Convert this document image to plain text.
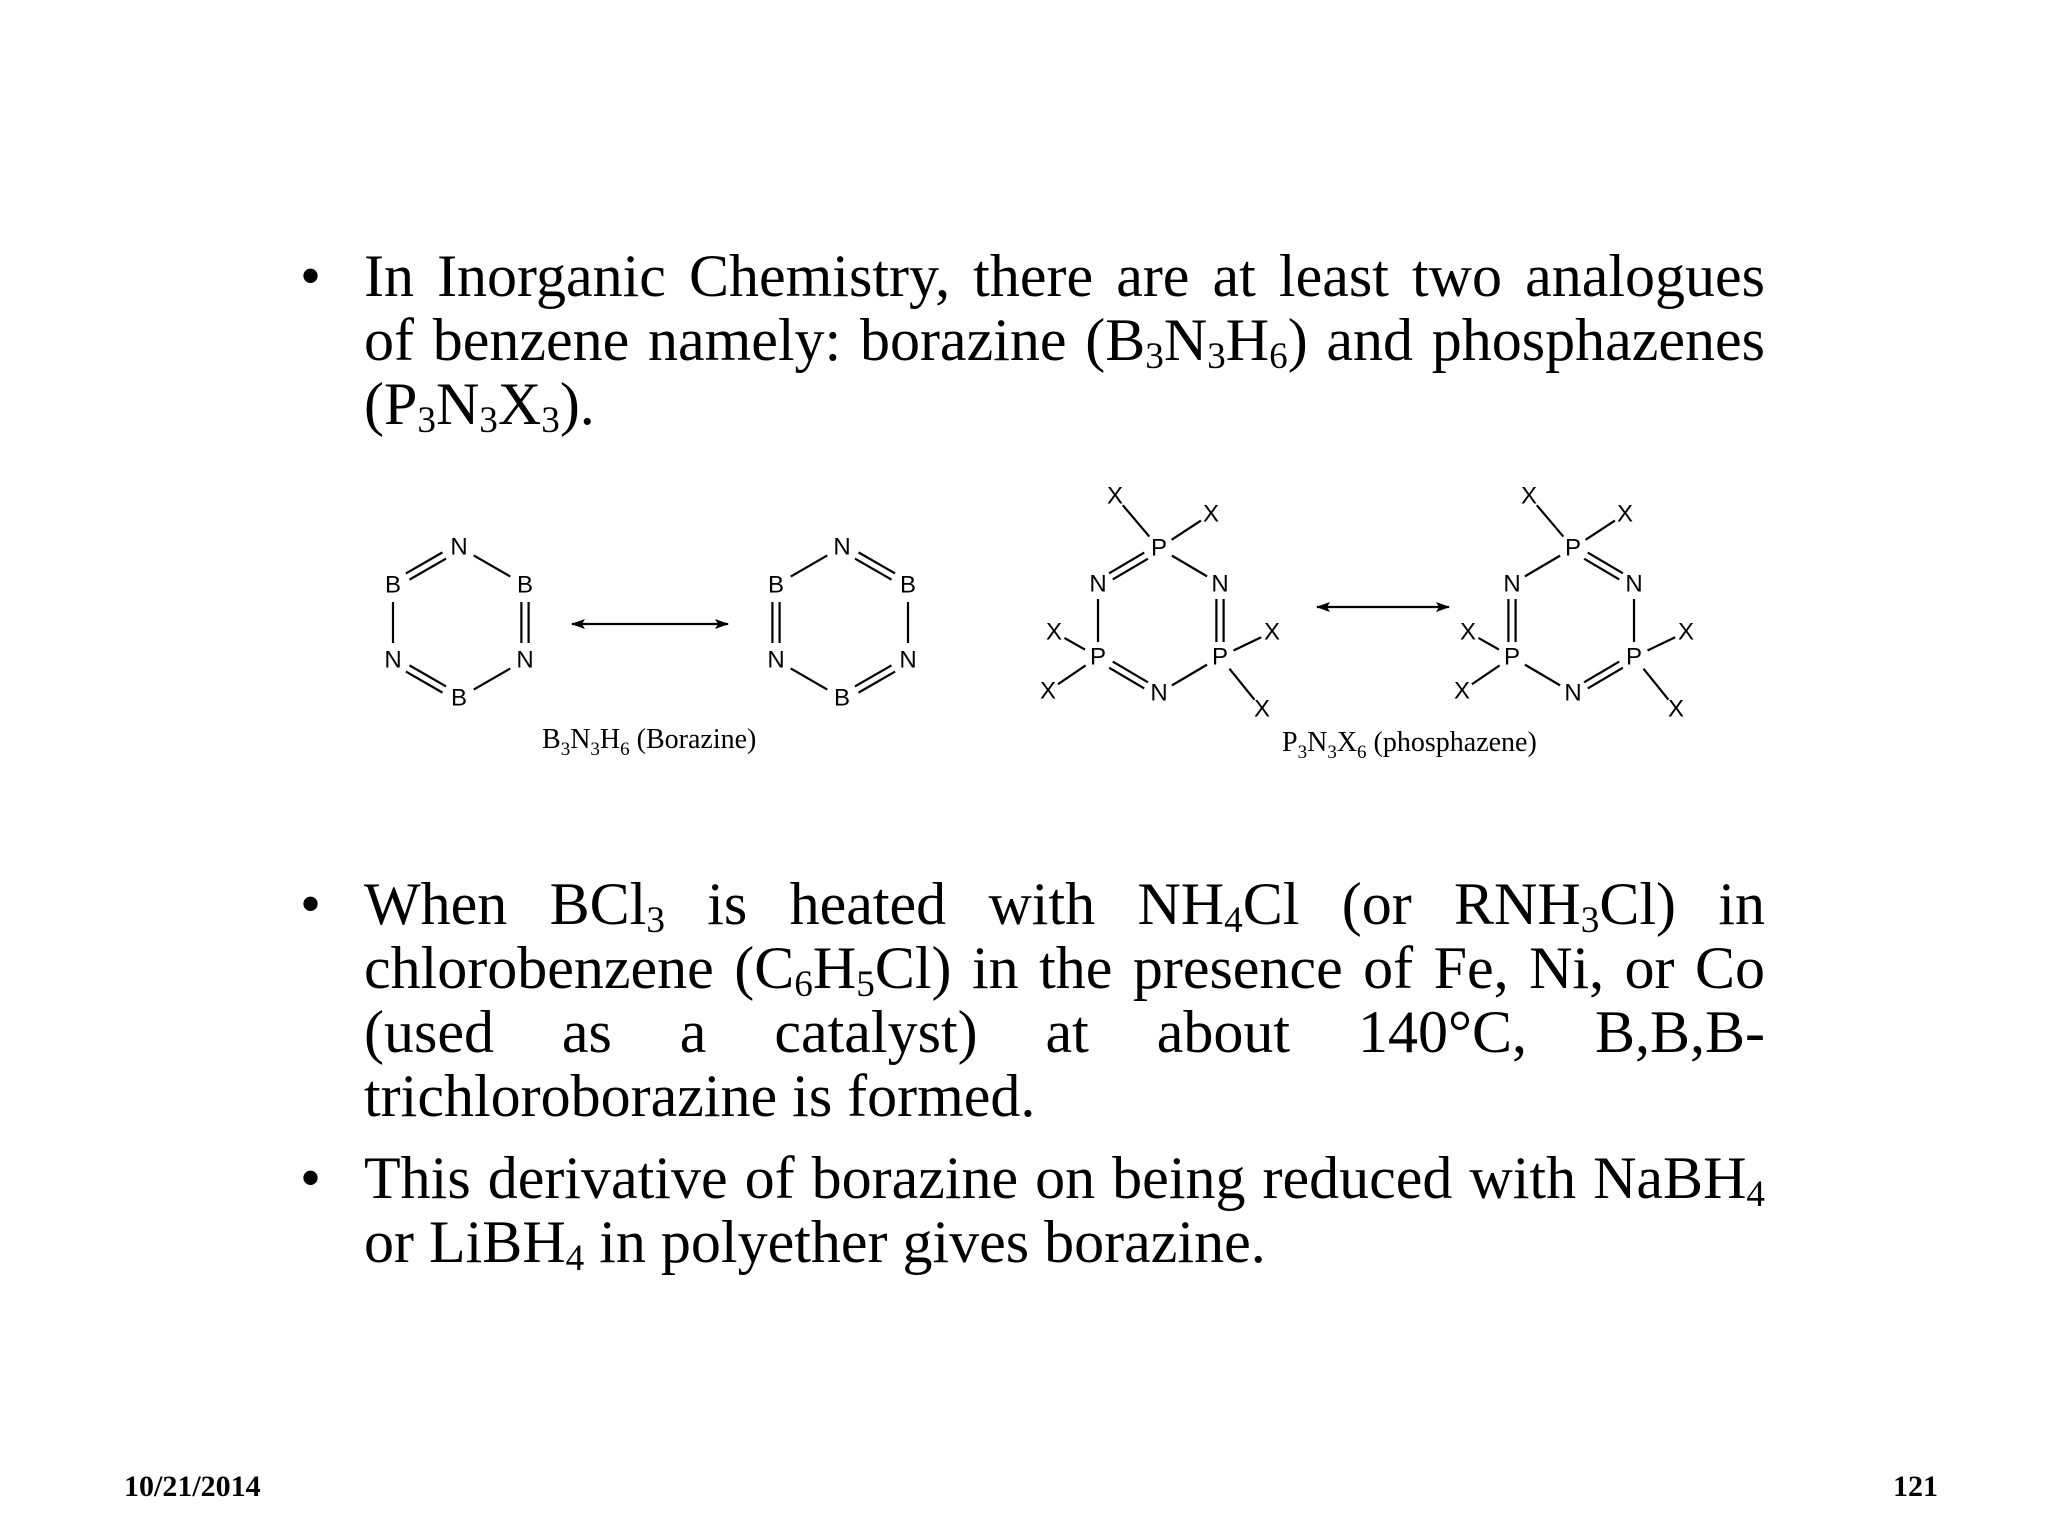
• In Inorganic Chemistry, there are at least two analogues of benzene namely: borazine $(B_3N_3H_6)$ and phosphazenes $(P_3N_3X_3)$.
N	N
B	B
N	N
B	B
N	N
B	B
P
N
P
N
P
N
X
X
X
X
X
X
P
N
P
N
P
N
X
X
X
X
X
X
$B_3N_3H_6$ (Borazine)	$P_3N_3X_6$ (phosphazene)
• When BCl$_3$ is heated with $NH_4Cl$ (or $RNH_3Cl$) in chlorobenzene $(C_6H_5Cl)$ in the presence of Fe, Ni, or Co (used as a catalyst) at about 140°C, B,B,B-trichloroborazine is formed.
• This derivative of borazine on being reduced with NaBH$_4$ or LiBH$_4$ in polyether gives borazine.
10/21/2014	121
